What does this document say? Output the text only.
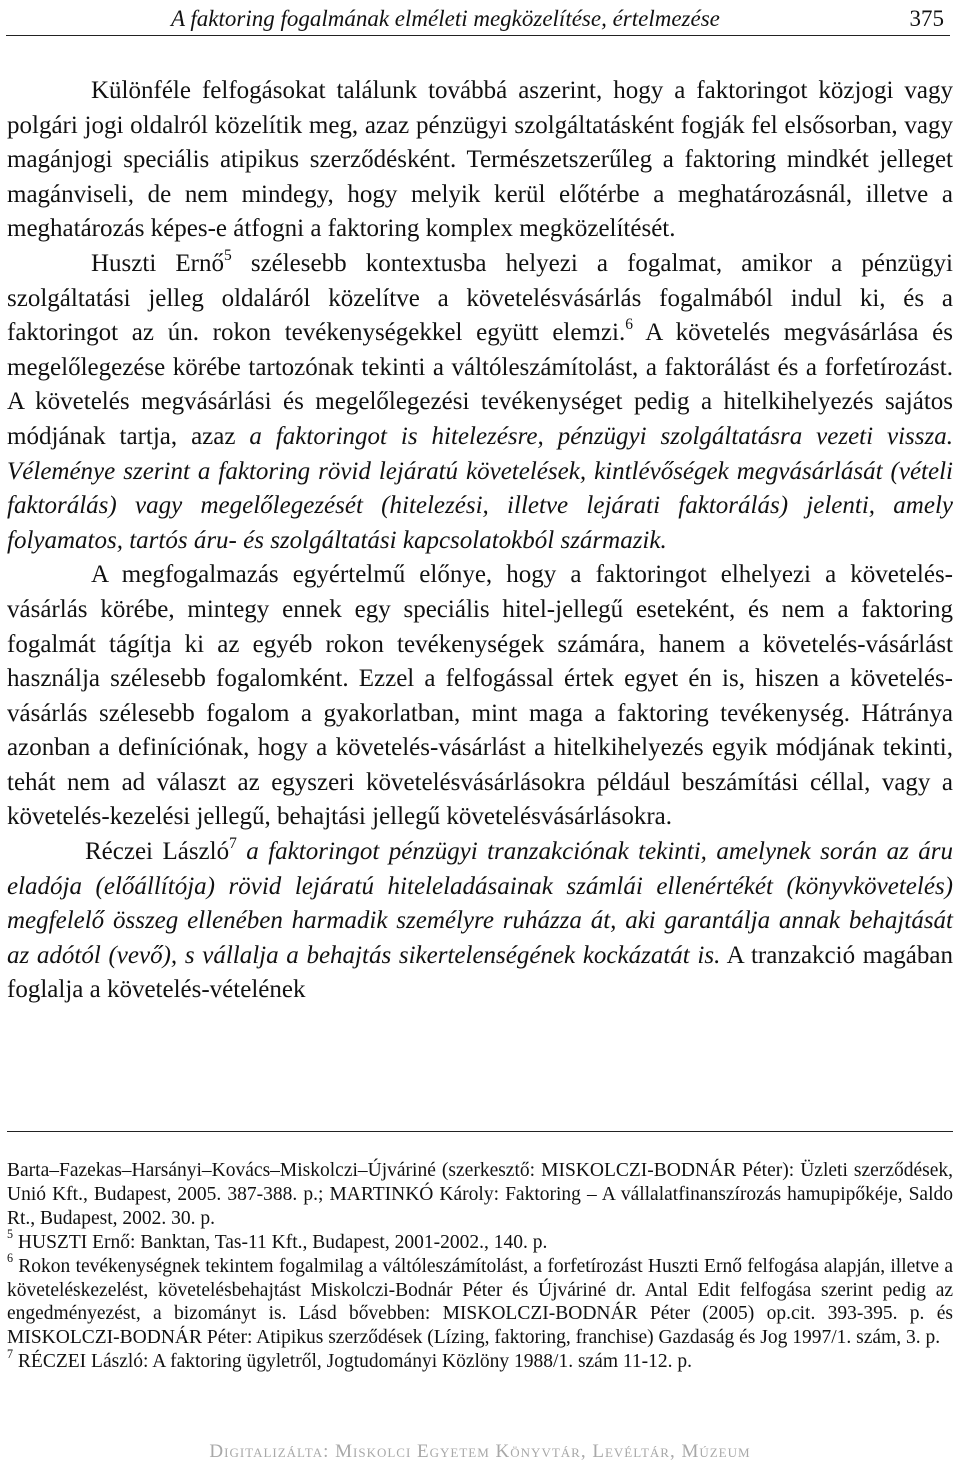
A faktoring fogalmának elméleti megközelítése, értelmezése	375

Különféle felfogásokat találunk továbbá aszerint, hogy a faktoringot közjogi vagy polgári jogi oldalról közelítik meg, azaz pénzügyi szolgáltatásként fogják fel elsősorban, vagy magánjogi speciális atipikus szerződésként. Természetszerűleg a faktoring mindkét jelleget magánviseli, de nem mindegy, hogy melyik kerül előtérbe a meghatározásnál, illetve a meghatározás képes-e átfogni a faktoring komplex megközelítését.

Huszti Ernő$^5$ szélesebb kontextusba helyezi a fogalmat, amikor a pénzügyi szolgáltatási jelleg oldaláról közelítve a követelésvásárlás fogalmából indul ki, és a faktoringot az ún. rokon tevékenységekkel együtt elemzi.$^6$ A követelés megvásárlása és megelőlegezése körébe tartozónak tekinti a váltóleszámítolást, a faktorálást és a forfetírozást. A követelés megvásárlási és megelőlegezési tevékenységet pedig a hitelkihelyezés sajátos módjának tartja, azaz a faktoringot is hitelezésre, pénzügyi szolgáltatásra vezeti vissza. Véleménye szerint a faktoring rövid lejáratú követelések, kintlévőségek megvásárlását (vételi faktorálás) vagy megelőlegezését (hitelezési, illetve lejárati faktorálás) jelenti, amely folyamatos, tartós áru- és szolgáltatási kapcsolatokból származik.

A megfogalmazás egyértelmű előnye, hogy a faktoringot elhelyezi a követelés-vásárlás körébe, mintegy ennek egy speciális hitel-jellegű eseteként, és nem a faktoring fogalmát tágítja ki az egyéb rokon tevékenységek számára, hanem a követelés-vásárlást használja szélesebb fogalomként. Ezzel a felfogással értek egyet én is, hiszen a követelés-vásárlás szélesebb fogalom a gyakorlatban, mint maga a faktoring tevékenység. Hátránya azonban a definíciónak, hogy a követelés-vásárlást a hitelkihelyezés egyik módjának tekinti, tehát nem ad választ az egyszeri követelésvásárlásokra például beszámítási céllal, vagy a követelés-kezelési jellegű, behajtási jellegű követelésvásárlásokra.

Réczei László$^7$ a faktoringot pénzügyi tranzakciónak tekinti, amelynek során az áru eladója (előállítója) rövid lejáratú hiteleladásainak számlái ellenértékét (könyvkövetelés) megfelelő összeg ellenében harmadik személyre ruházza át, aki garantálja annak behajtását az adótól (vevő), s vállalja a behajtás sikertelenségének kockázatát is. A tranzakció magában foglalja a követelés-vételének

Barta–Fazekas–Harsányi–Kovács–Miskolczi–Újváriné (szerkesztő: MISKOLCZI-BODNÁR Péter): Üzleti szerződések, Unió Kft., Budapest, 2005. 387-388. p.; MARTINKÓ Károly: Faktoring – A vállalatfinanszírozás hamupipőkéje, Saldo Rt., Budapest, 2002. 30. p.

$^5$ HUSZTI Ernő: Banktan, Tas-11 Kft., Budapest, 2001-2002., 140. p.

$^6$ Rokon tevékenységnek tekintem fogalmilag a váltóleszámítolást, a forfetírozást Huszti Ernő felfogása alapján, illetve a követeléskezelést, követelésbehajtást Miskolczi-Bodnár Péter és Újváriné dr. Antal Edit felfogása szerint pedig az engedményezést, a bizományt is. Lásd bővebben: MISKOLCZI-BODNÁR Péter (2005) op.cit. 393-395. p. és MISKOLCZI-BODNÁR Péter: Atipikus szerződések (Lízing, faktoring, franchise) Gazdaság és Jog 1997/1. szám, 3. p.

$^7$ RÉCZEI László: A faktoring ügyletről, Jogtudományi Közlöny 1988/1. szám 11-12. p.

Digitalizálta: Miskolci Egyetem Könyvtár, Levéltár, Múzeum
